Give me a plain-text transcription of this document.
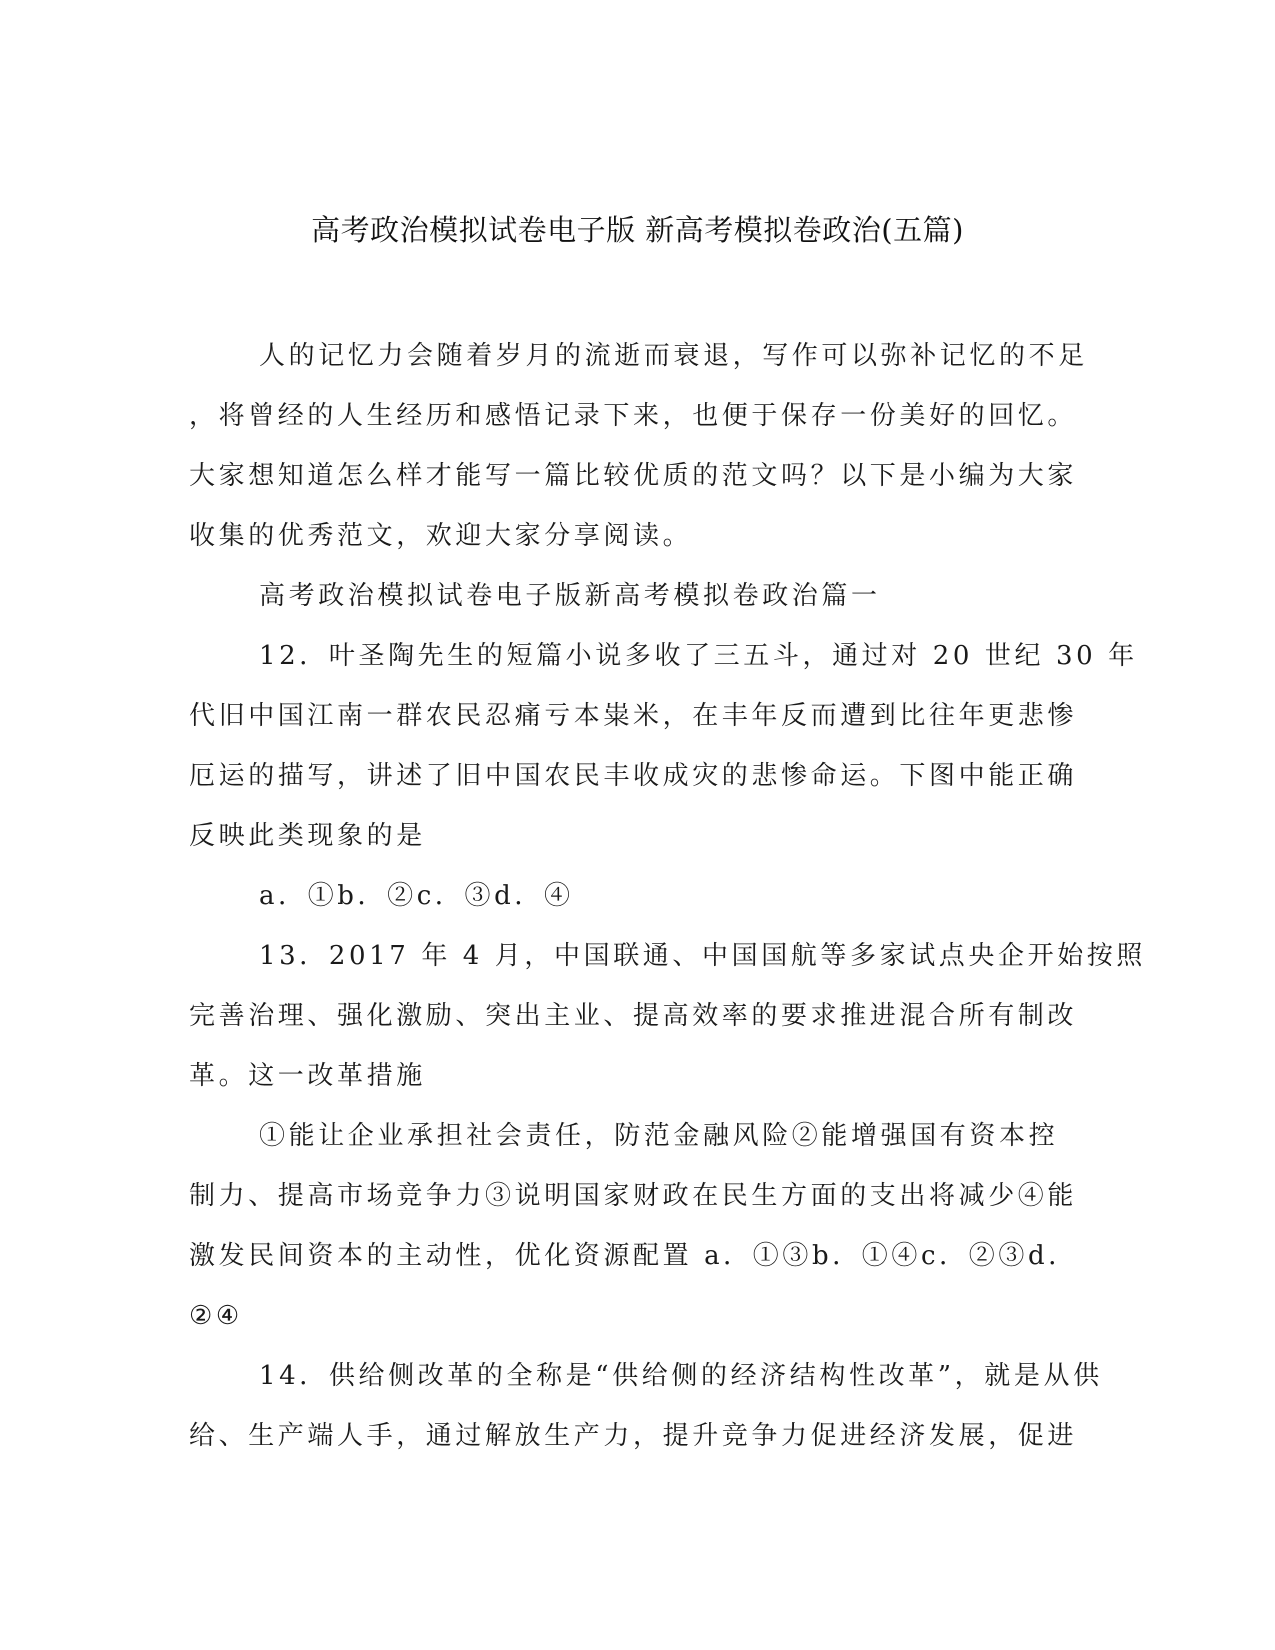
高考政治模拟试卷电子版 新高考模拟卷政治(五篇)
人的记忆力会随着岁月的流逝而衰退，写作可以弥补记忆的不足
，将曾经的人生经历和感悟记录下来，也便于保存一份美好的回忆。
大家想知道怎么样才能写一篇比较优质的范文吗？以下是小编为大家
收集的优秀范文，欢迎大家分享阅读。
高考政治模拟试卷电子版新高考模拟卷政治篇一
12．叶圣陶先生的短篇小说多收了三五斗，通过对 20 世纪 30 年
代旧中国江南一群农民忍痛亏本粜米，在丰年反而遭到比往年更悲惨
厄运的描写，讲述了旧中国农民丰收成灾的悲惨命运。下图中能正确
反映此类现象的是
a．①b．②c．③d．④
13．2017 年 4 月，中国联通、中国国航等多家试点央企开始按照
完善治理、强化激励、突出主业、提高效率的要求推进混合所有制改
革。这一改革措施
①能让企业承担社会责任，防范金融风险②能增强国有资本控
制力、提高市场竞争力③说明国家财政在民生方面的支出将减少④能
激发民间资本的主动性，优化资源配置 a．①③b．①④c．②③d．
②④
14．供给侧改革的全称是“供给侧的经济结构性改革”，就是从供
给、生产端人手，通过解放生产力，提升竞争力促进经济发展，促进
